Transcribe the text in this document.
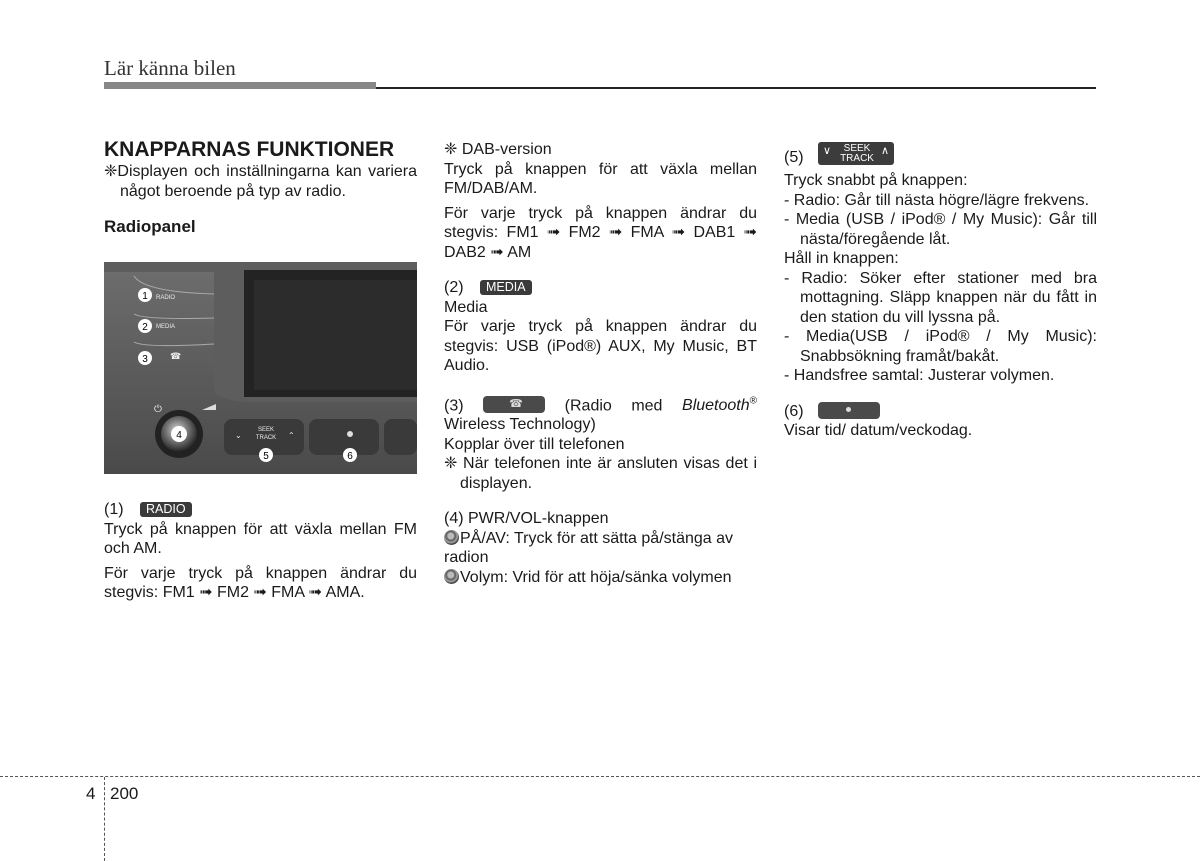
Lär känna bilen

KNAPPARNAS FUNKTIONER

❈Displayen och inställningarna kan variera något beroende på typ av radio.

Radiopanel

RADIO
MEDIA
☎
1
2
3
⏻
4	SEEK
TRACK
⌄	⌃
5	6

(1) RADIO

Tryck på knappen för att växla mellan FM och AM.

För varje tryck på knappen ändrar du stegvis: FM1 ➟ FM2 ➟ FMA ➟ AMA.

❈ DAB-version

Tryck på knappen för att växla mellan FM/DAB/AM.

För varje tryck på knappen ändrar du stegvis: FM1 ➟ FM2 ➟ FMA ➟ DAB1 ➟ DAB2 ➟ AM

(2) MEDIA

Media

För varje tryck på knappen ändrar du stegvis: USB (iPod®) AUX, My Music, BT Audio.

(3)	☎	(Radio med Bluetooth®

Wireless Technology)

Kopplar över till telefonen

❈ När telefonen inte är ansluten visas det i displayen.

(4) PWR/VOL-knappen

PÅ/AV: Tryck för att sätta på/stänga av radion

Volym: Vrid för att höja/sänka volymen

(5) ∨	SEEK
TRACK
∧

Tryck snabbt på knappen:

- Radio: Går till nästa högre/lägre frekvens.

- Media (USB / iPod® / My Music): Går till nästa/föregående låt.

Håll in knappen:

- Radio: Söker efter stationer med bra mottagning. Släpp knappen när du fått in den station du vill lyssna på.

- Media(USB / iPod® / My Music): Snabbsökning framåt/bakåt.

- Handsfree samtal: Justerar volymen.

(6)

Visar tid/ datum/veckodag.

4 200
